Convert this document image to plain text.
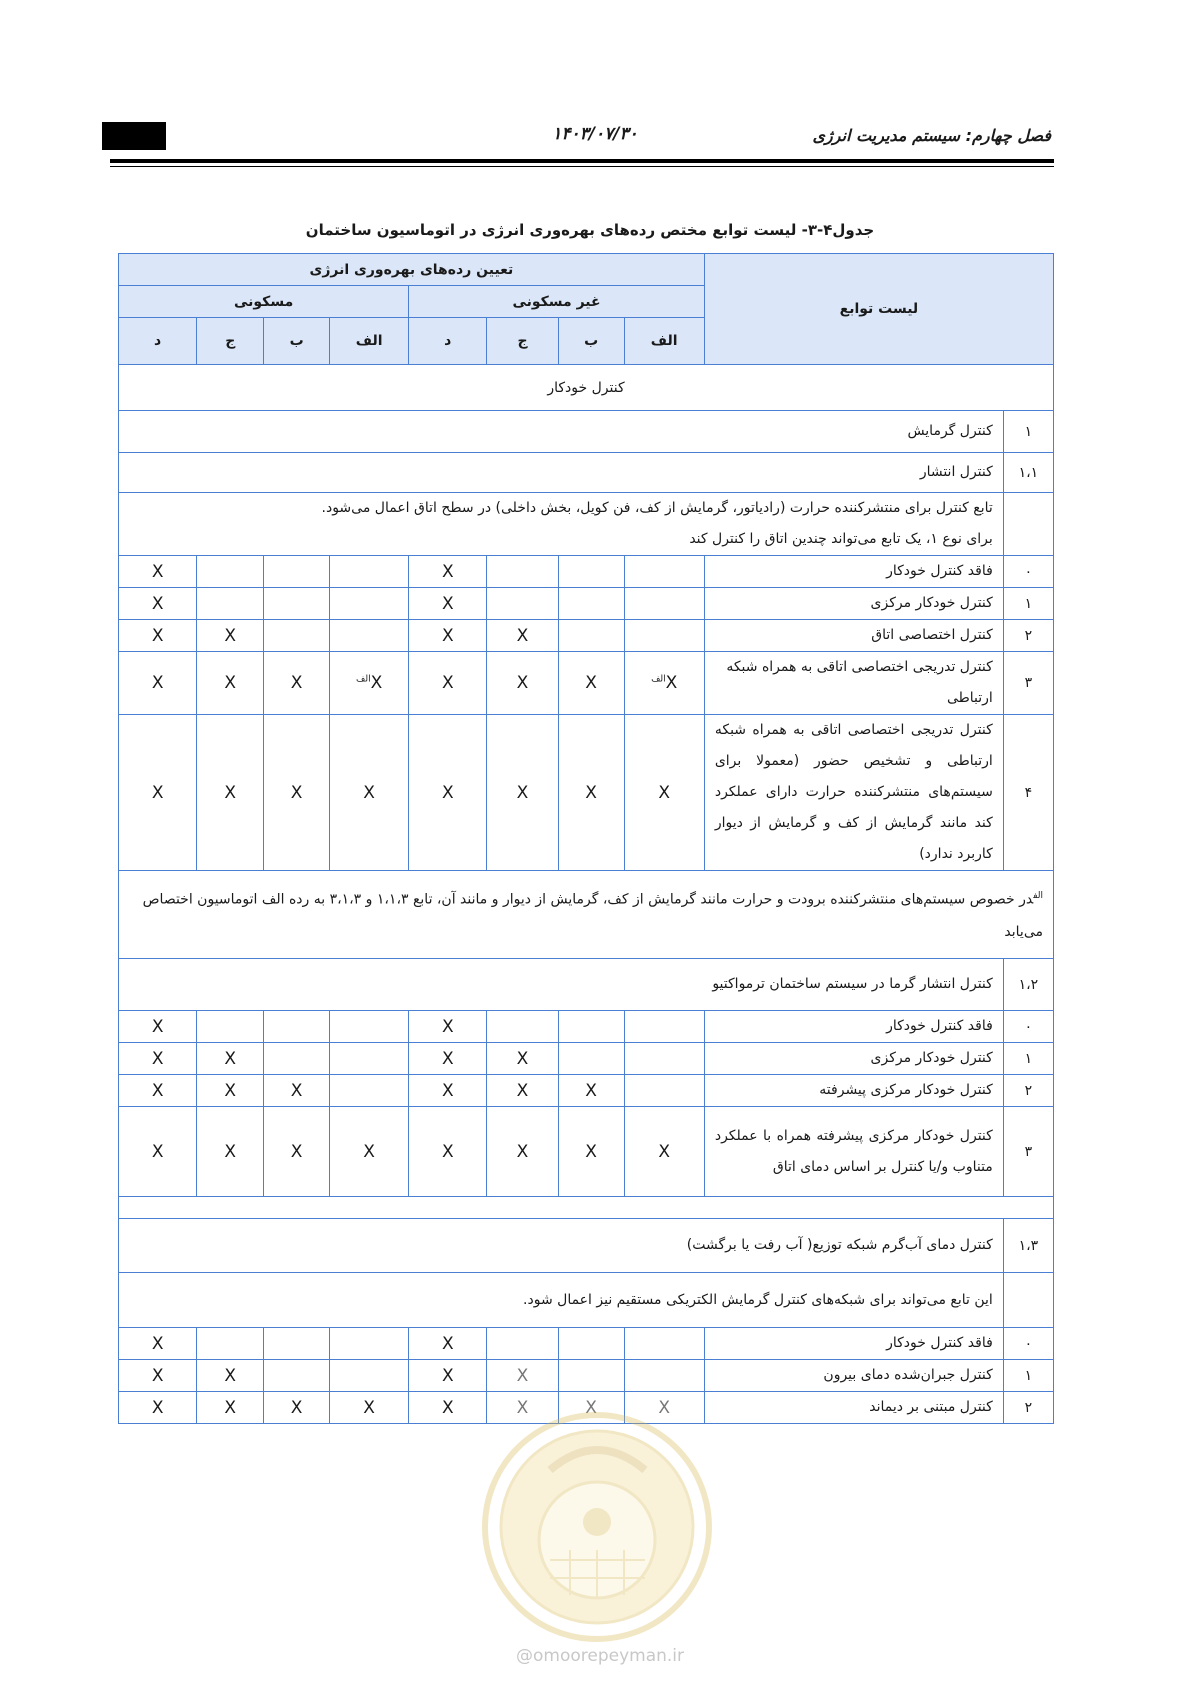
۱۴۰۳/۰۷/۳۰	فصل چهارم: سیستم مدیریت انرژی
جدول۴-۳- لیست توابع مختص رده‌های بهره‌وری انرژی در اتوماسیون ساختمان
لیست توابع		تعیین رده‌های بهره‌وری انرژی							
		غیر مسکونی				مسکونی			
		الف	ب	ج	د	الف	ب	ج	د
کنترل خودکار									
۱	کنترل گرمایش								
۱،۱	کنترل انتشار								

	تابع کنترل برای منتشرکننده حرارت (رادیاتور، گرمایش از کف، فن کویل، بخش داخلی) در سطح اتاق اعمال می‌شود.
برای نوع ۱، یک تابع می‌تواند چندین اتاق را کنترل کند								

۰	فاقد کنترل خودکار				X				X
۱	کنترل خودکار مرکزی				X				X
۲	کنترل اختصاصی اتاق			X	X			X	X
۳	کنترل تدریجی اختصاصی اتاقی به همراه شبکه ارتباطی	$X^{الف}$	X	X	X	$X^{الف}$	X	X	X
۴	کنترل تدریجی اختصاصی اتاقی به همراه شبکه ارتباطی و تشخیص حضور (معمولا برای سیستم‌های منتشرکننده حرارت دارای عملکرد کند مانند گرمایش از کف و گرمایش از دیوار کاربرد ندارد)	X	X	X	X	X	X	X	X
$^{الف}$در خصوص سیستم‌های منتشرکننده برودت و حرارت مانند گرمایش از کف، گرمایش از دیوار و مانند آن، تابع ۱،۱،۳ و ۳،۱،۳ به رده الف اتوماسیون اختصاص می‌یابد									
۱،۲	کنترل انتشار گرما در سیستم ساختمان ترمواکتیو								
۰	فاقد کنترل خودکار				X				X
۱	کنترل خودکار مرکزی			X	X			X	X
۲	کنترل خودکار مرکزی پیشرفته		X	X	X		X	X	X
۳	کنترل خودکار مرکزی پیشرفته همراه با عملکرد متناوب و/یا کنترل بر اساس دمای اتاق	X	X	X	X	X	X	X	X

۱،۳	کنترل دمای آب‌گرم شبکه توزیع( آب رفت یا برگشت)								
	این تابع می‌تواند برای شبکه‌های کنترل گرمایش الکتریکی مستقیم نیز اعمال شود.								
۰	فاقد کنترل خودکار				X				X
۱	کنترل جبران‌شده دمای بیرون			X	X			X	X
۲	کنترل مبتنی بر دیماند	X	X	X	X	X	X	X	X
@omoorepeyman.ir
